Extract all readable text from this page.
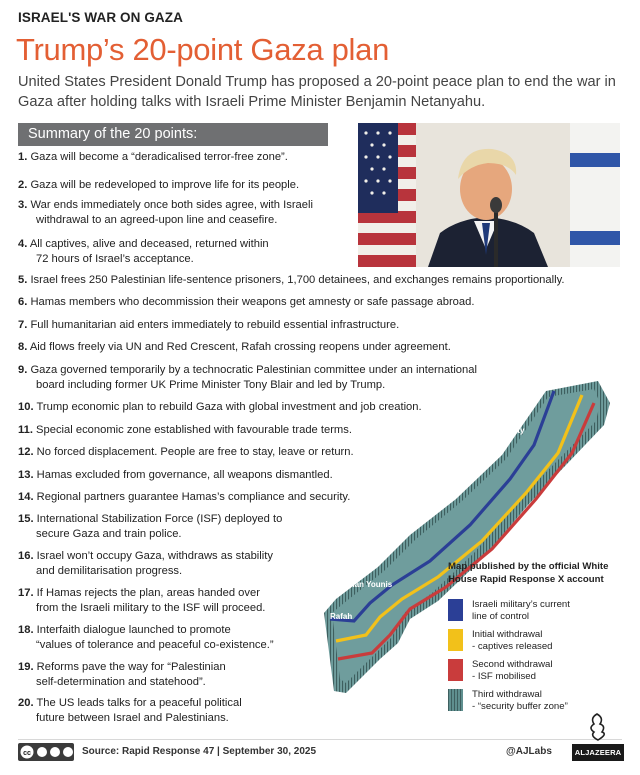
ISRAEL'S WAR ON GAZA
Trump’s 20-point Gaza plan
United States President Donald Trump has proposed a 20-point peace plan to end the war in Gaza after holding talks with Israeli Prime Minister Benjamin Netanyahu.
Summary of the 20 points:
1. Gaza will become a “deradicalised terror-free zone”.
2. Gaza will be redeveloped to improve life for its people.
3. War ends immediately once both sides agree, with Israeli
withdrawal to an agreed-upon line and ceasefire.
4. All captives, alive and deceased, returned within
72 hours of Israel’s acceptance.
5. Israel frees 250 Palestinian life-sentence prisoners, 1,700 detainees, and exchanges remains proportionally.
6. Hamas members who decommission their weapons get amnesty or safe passage abroad.
7. Full humanitarian aid enters immediately to rebuild essential infrastructure.
8. Aid flows freely via UN and Red Crescent, Rafah crossing reopens under agreement.
9. Gaza governed temporarily by a technocratic Palestinian committee under an international
board including former UK Prime Minister Tony Blair and led by Trump.
10. Trump economic plan to rebuild Gaza with global investment and job creation.
11. Special economic zone established with favourable trade terms.
12. No forced displacement. People are free to stay, leave or return.
13. Hamas excluded from governance, all weapons dismantled.
14. Regional partners guarantee Hamas’s compliance and security.
15. International Stabilization Force (ISF) deployed to
secure Gaza and train police.
16. Israel won’t occupy Gaza, withdraws as stability
and demilitarisation progress.
17. If Hamas rejects the plan, areas handed over
from the Israeli military to the ISF will proceed.
18. Interfaith dialogue launched to promote
“values of tolerance and peaceful co-existence.”
19. Reforms pave the way for “Palestinian
self-determination and statehood”.
20. The US leads talks for a peaceful political
future between Israel and Palestinians.
Gaza City
Khan Younis
Rafah
Map published by the official White House Rapid Response X account
Israeli military’s current
line of control
Initial withdrawal
- captives released
Second withdrawal
- ISF mobilised
Third withdrawal
- “security buffer zone”
cc	Source: Rapid Response 47 | September 30, 2025	@AJLabs	ALJAZEERA
